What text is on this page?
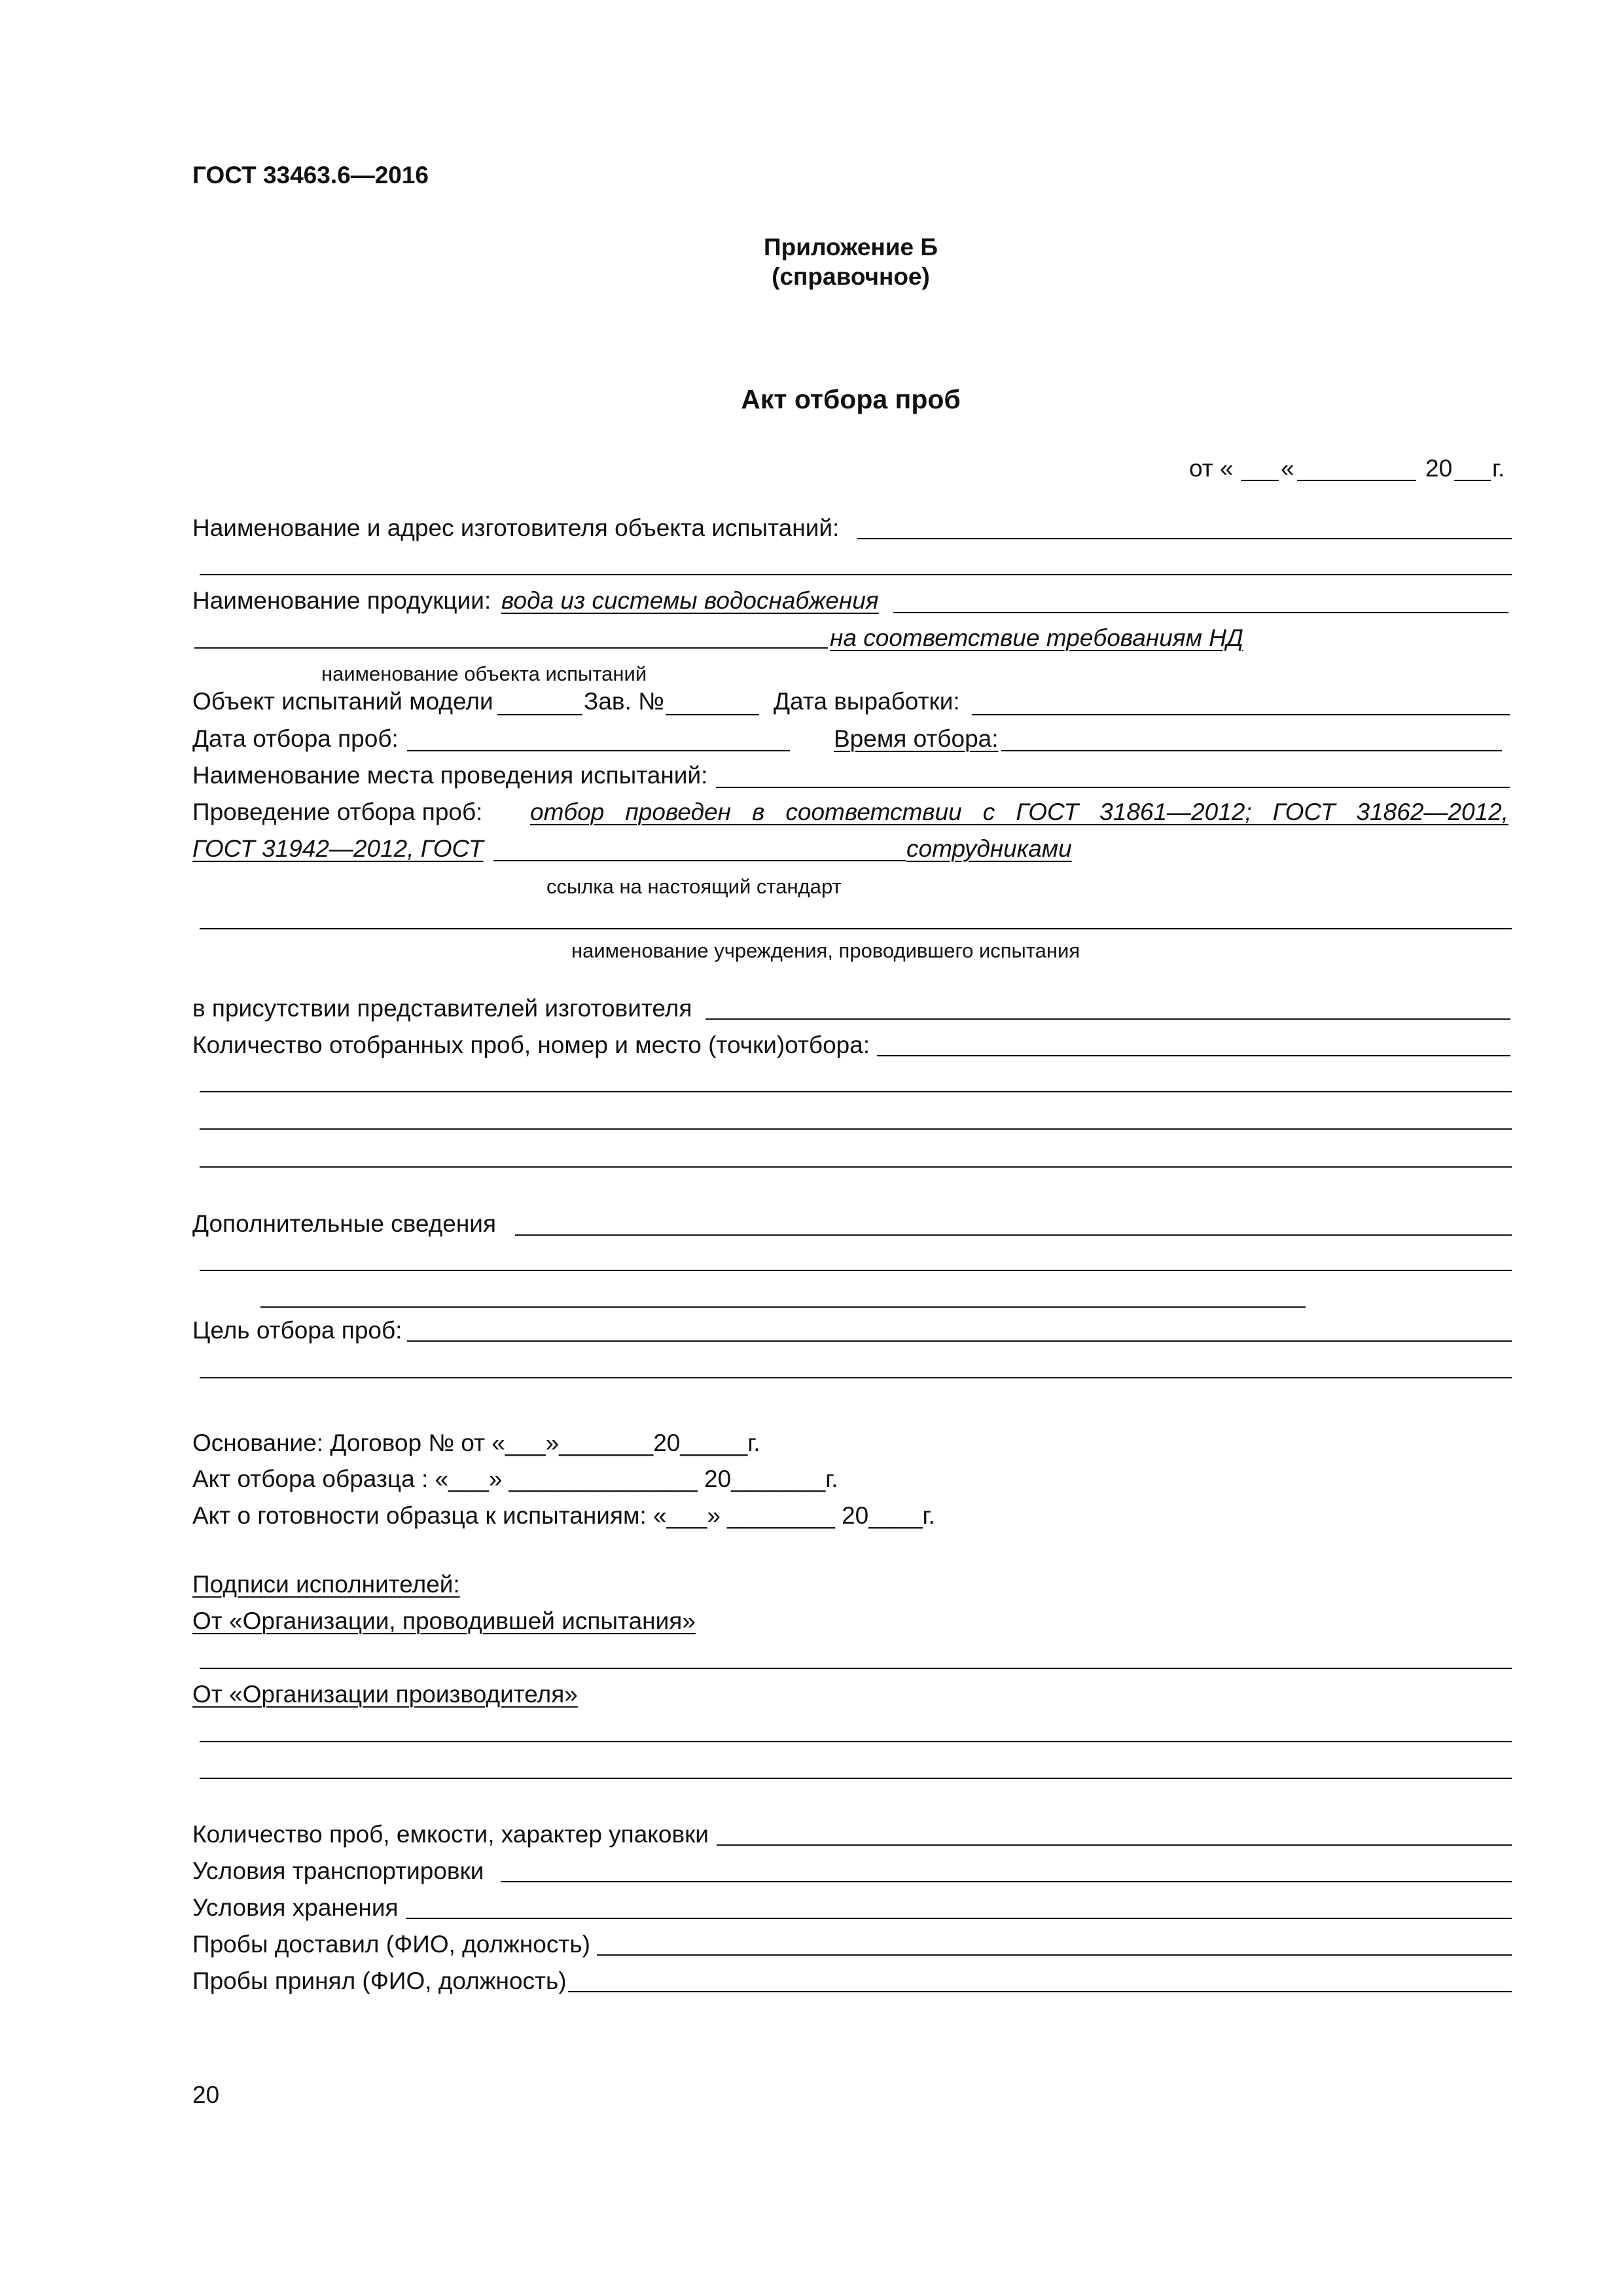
ГОСТ 33463.6—2016
Приложение Б
(справочное)
Акт отбора проб
от « «	20 г.
Наименование и адрес изготовителя объекта испытаний:
Наименование продукции: вода из системы водоснабжения
на соответствие требованиям НД
наименование объекта испытаний
Объект испытаний модели	Зав. №	Дата выработки:
Дата отбора проб:	Время отбора:
Наименование места проведения испытаний:
Проведение отбора проб: отбор проведен в соответствии с ГОСТ 31861—2012; ГОСТ 31862—2012,
ГОСТ 31942—2012, ГОСТ	сотрудниками
ссылка на настоящий стандарт
наименование учреждения, проводившего испытания
в присутствии представителей изготовителя
Количество отобранных проб, номер и место (точки)отбора:
Дополнительные сведения
Цель отбора проб:
Основание: Договор № от «___»_______20_____г.
Акт отбора образца : «___» ______________ 20_______г.
Акт о готовности образца к испытаниям: «___» ________ 20____г.
Подписи исполнителей:
От «Организации, проводившей испытания»
От «Организации производителя»
Количество проб, емкости, характер упаковки
Условия транспортировки
Условия хранения
Пробы доставил (ФИО, должность)
Пробы принял (ФИО, должность)
20
